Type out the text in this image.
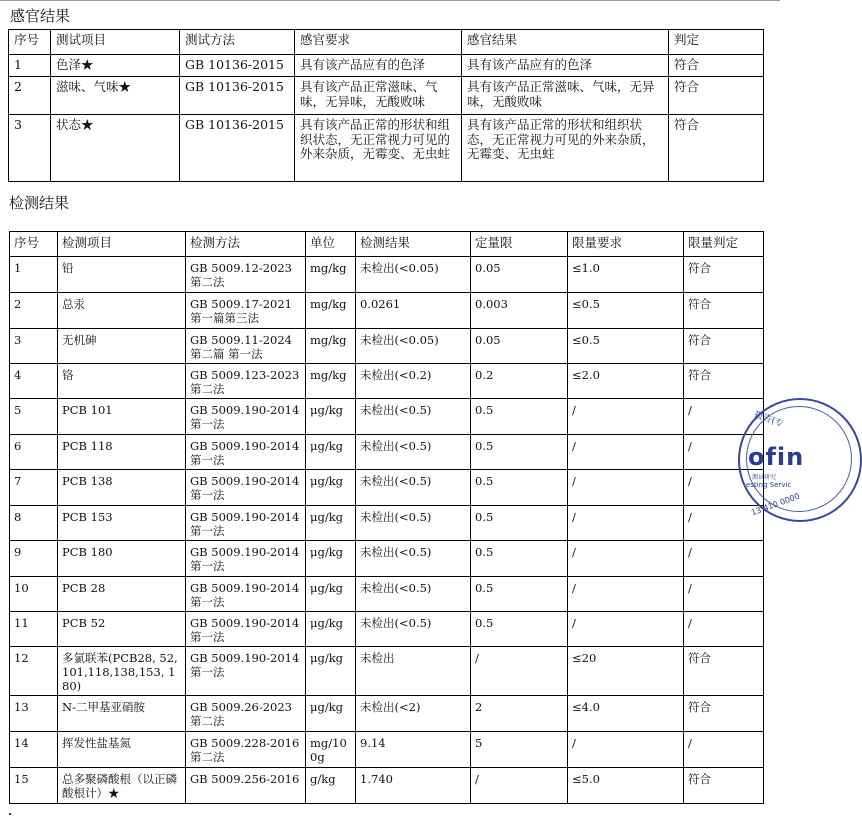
感官结果
序号	测试项目	测试方法	感官要求	感官结果	判定
1	色泽★	GB 10136-2015	具有该产品应有的色泽	具有该产品应有的色泽	符合
2	滋味、气味★	GB 10136-2015	具有该产品正常滋味、气味，无异味，无酸败味	具有该产品正常滋味、气味，无异味，无酸败味	符合
3	状态★	GB 10136-2015	具有该产品正常的形状和组织状态，无正常视力可见的外来杂质，无霉变、无虫蛀	具有该产品正常的形状和组织状态，无正常视力可见的外来杂质，无霉变、无虫蛀	符合
检测结果
序号	检测项目	检测方法	单位	检测结果	定量限	限量要求	限量判定
1	铅	GB 5009.12-2023 第二法	mg/kg	未检出(<0.05)	0.05	≤1.0	符合
2	总汞	GB 5009.17-2021 第一篇第三法	mg/kg	0.0261	0.003	≤0.5	符合
3	无机砷	GB 5009.11-2024 第二篇 第一法	mg/kg	未检出(<0.05)	0.05	≤0.5	符合
4	铬	GB 5009.123-2023 第二法	mg/kg	未检出(<0.2)	0.2	≤2.0	符合
5	PCB 101	GB 5009.190-2014 第一法	μg/kg	未检出(<0.5)	0.5	/	/
6	PCB 118	GB 5009.190-2014 第一法	μg/kg	未检出(<0.5)	0.5	/	/
7	PCB 138	GB 5009.190-2014 第一法	μg/kg	未检出(<0.5)	0.5	/	/
8	PCB 153	GB 5009.190-2014 第一法	μg/kg	未检出(<0.5)	0.5	/	/
9	PCB 180	GB 5009.190-2014 第一法	μg/kg	未检出(<0.5)	0.5	/	/
10	PCB 28	GB 5009.190-2014 第一法	μg/kg	未检出(<0.5)	0.5	/	/
11	PCB 52	GB 5009.190-2014 第一法	μg/kg	未检出(<0.5)	0.5	/	/
12	多氯联苯(PCB28, 52,101,118,138,153, 180)	GB 5009.190-2014 第一法	μg/kg	未检出	/	≤20	符合
13	N-二甲基亚硝胺	GB 5009.26-2023 第二法	μg/kg	未检出(<2)	2	≤4.0	符合
14	挥发性盐基氮	GB 5009.228-2016 第二法	mg/100g	9.14	5	/	/
15	总多聚磷酸根（以正磷酸根计）★	GB 5009.256-2016	g/kg	1.740	/	≤5.0	符合
报告(专
ofin
测试研究
esting Servic
13 410 0000
